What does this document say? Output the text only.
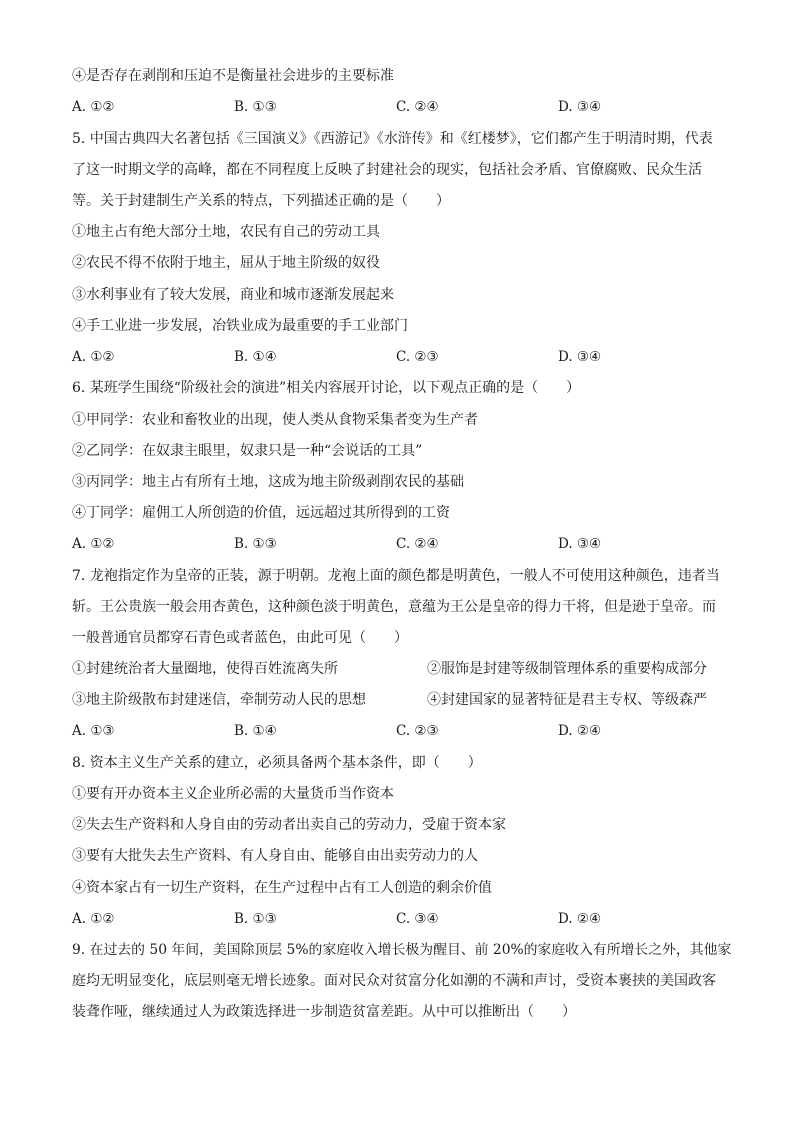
④是否存在剥削和压迫不是衡量社会进步的主要标准
A. ①②	B. ①③	C. ②④	D. ③④
5. 中国古典四大名著包括《三国演义》《西游记》《水浒传》和《红楼梦》，它们都产生于明清时期，代表
了这一时期文学的高峰，都在不同程度上反映了封建社会的现实，包括社会矛盾、官僚腐败、民众生活
等。关于封建制生产关系的特点，下列描述正确的是（　　）
①地主占有绝大部分土地，农民有自己的劳动工具
②农民不得不依附于地主，屈从于地主阶级的奴役
③水利事业有了较大发展，商业和城市逐渐发展起来
④手工业进一步发展，冶铁业成为最重要的手工业部门
A. ①②	B. ①④	C. ②③	D. ③④
6. 某班学生围绕“阶级社会的演进”相关内容展开讨论，以下观点正确的是（　　）
①甲同学：农业和畜牧业的出现，使人类从食物采集者变为生产者
②乙同学：在奴隶主眼里，奴隶只是一种“会说话的工具”
③丙同学：地主占有所有土地，这成为地主阶级剥削农民的基础
④丁同学：雇佣工人所创造的价值，远远超过其所得到的工资
A. ①②	B. ①③	C. ②④	D. ③④
7. 龙袍指定作为皇帝的正装，源于明朝。龙袍上面的颜色都是明黄色，一般人不可使用这种颜色，违者当
斩。王公贵族一般会用杏黄色，这种颜色淡于明黄色，意蕴为王公是皇帝的得力干将，但是逊于皇帝。而
一般普通官员都穿石青色或者蓝色，由此可见（　　）
①封建统治者大量圈地，使得百姓流离失所	②服饰是封建等级制管理体系的重要构成部分
③地主阶级散布封建迷信，牵制劳动人民的思想	④封建国家的显著特征是君主专权、等级森严
A. ①③	B. ①④	C. ②③	D. ②④
8. 资本主义生产关系的建立，必须具备两个基本条件，即（　　）
①要有开办资本主义企业所必需的大量货币当作资本
②失去生产资料和人身自由的劳动者出卖自己的劳动力，受雇于资本家
③要有大批失去生产资料、有人身自由、能够自由出卖劳动力的人
④资本家占有一切生产资料，在生产过程中占有工人创造的剩余价值
A. ①②	B. ①③	C. ③④	D. ②④
9. 在过去的 50 年间，美国除顶层 5%的家庭收入增长极为醒目、前 20%的家庭收入有所增长之外，其他家
庭均无明显变化，底层则毫无增长迹象。面对民众对贫富分化如潮的不满和声讨，受资本裹挟的美国政客
装聋作哑，继续通过人为政策选择进一步制造贫富差距。从中可以推断出（　　）
